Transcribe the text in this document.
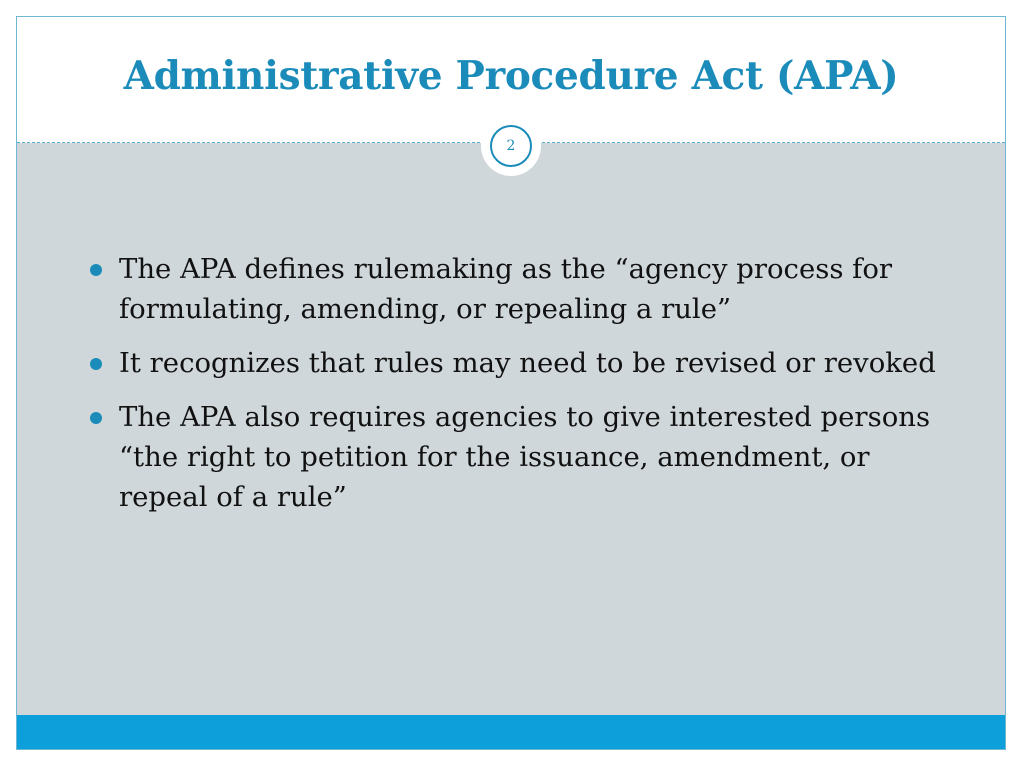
Administrative Procedure Act (APA)
The APA defines rulemaking as the “agency process for formulating, amending, or repealing a rule”
It recognizes that rules may need to be revised or revoked
The APA also requires agencies to give interested persons “the right to petition for the issuance, amendment, or repeal of a rule”
2
